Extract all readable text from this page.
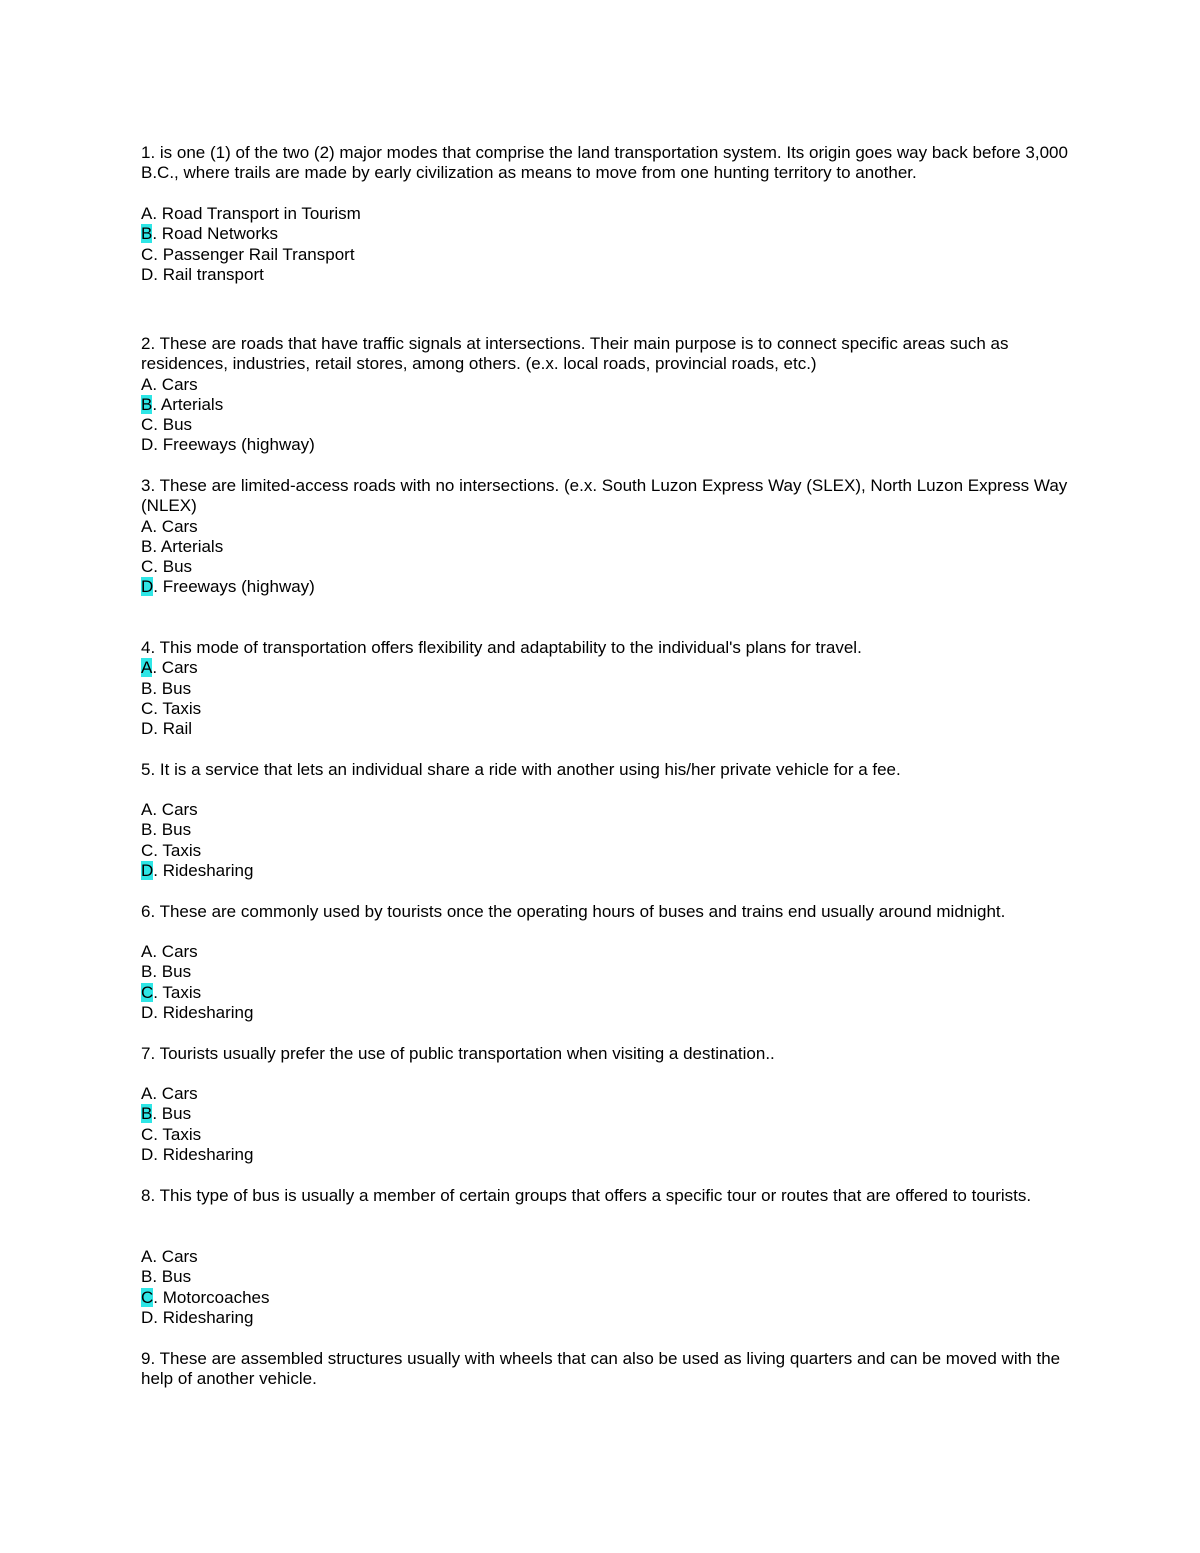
1. is one (1) of the two (2) major modes that comprise the land transportation system. Its origin goes way back before 3,000 B.C., where trails are made by early civilization as means to move from one hunting territory to another.

A. Road Transport in Tourism

B. Road Networks

C. Passenger Rail Transport

D. Rail transport

2. These are roads that have traffic signals at intersections. Their main purpose is to connect specific areas such as residences, industries, retail stores, among others. (e.x. local roads, provincial roads, etc.)

A. Cars

B. Arterials

C. Bus

D. Freeways (highway)

3. These are limited-access roads with no intersections. (e.x. South Luzon Express Way (SLEX), North Luzon Express Way (NLEX)

A. Cars

B. Arterials

C. Bus

D. Freeways (highway)

4. This mode of transportation offers flexibility and adaptability to the individual's plans for travel.

A. Cars

B. Bus

C. Taxis

D. Rail

5. It is a service that lets an individual share a ride with another using his/her private vehicle for a fee.

A. Cars

B. Bus

C. Taxis

D. Ridesharing

6. These are commonly used by tourists once the operating hours of buses and trains end usually around midnight.

A. Cars

B. Bus

C. Taxis

D. Ridesharing

7. Tourists usually prefer the use of public transportation when visiting a destination..

A. Cars

B. Bus

C. Taxis

D. Ridesharing

8. This type of bus is usually a member of certain groups that offers a specific tour or routes that are offered to tourists.

A. Cars

B. Bus

C. Motorcoaches

D. Ridesharing

9. These are assembled structures usually with wheels that can also be used as living quarters and can be moved with the help of another vehicle.
